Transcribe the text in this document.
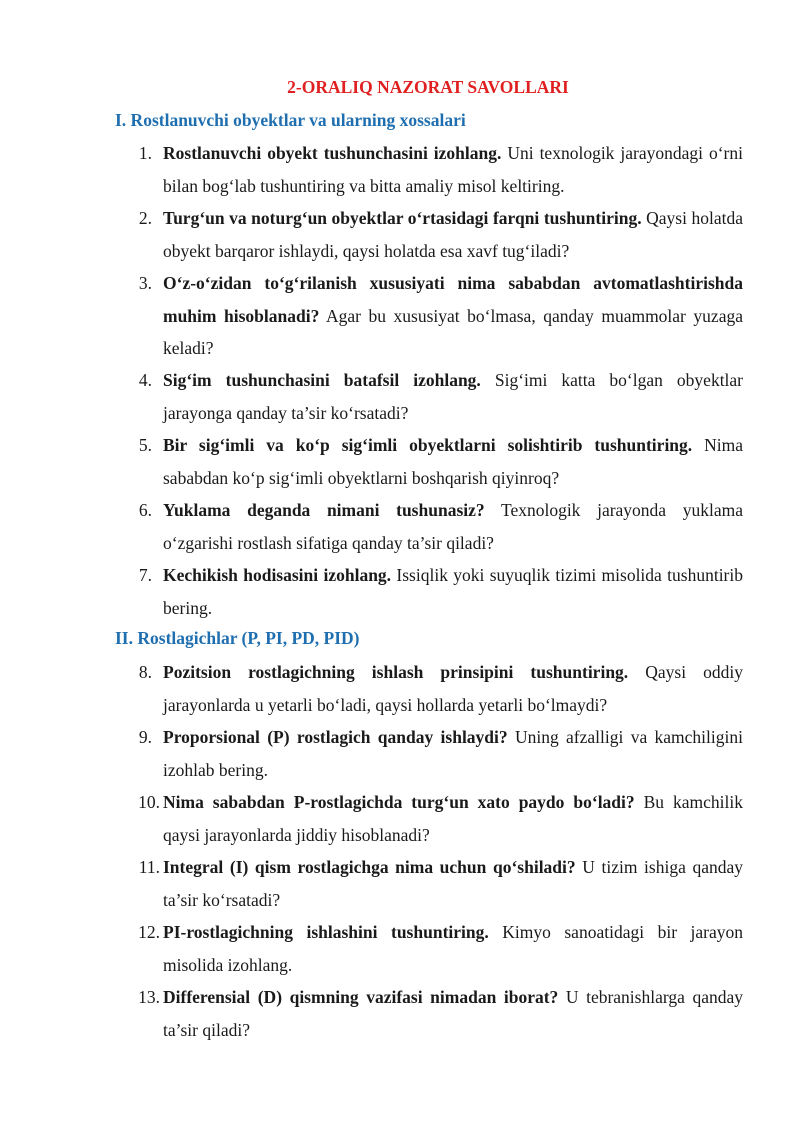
2-ORALIQ NAZORAT SAVOLLARI
I. Rostlanuvchi obyektlar va ularning xossalari
II. Rostlagichlar (P, PI, PD, PID)
1. Rostlanuvchi obyekt tushunchasini izohlang. Uni texnologik jarayondagi o‘rni bilan bog‘lab tushuntiring va bitta amaliy misol keltiring.
2. Turg‘un va noturg‘un obyektlar o‘rtasidagi farqni tushuntiring. Qaysi holatda obyekt barqaror ishlaydi, qaysi holatda esa xavf tug‘iladi?
3. O‘z-o‘zidan to‘g‘rilanish xususiyati nima sababdan avtomatlashtirishda muhim hisoblanadi? Agar bu xususiyat bo‘lmasa, qanday muammolar yuzaga keladi?
4. Sig‘im tushunchasini batafsil izohlang. Sig‘imi katta bo‘lgan obyektlar jarayonga qanday ta’sir ko‘rsatadi?
5. Bir sig‘imli va ko‘p sig‘imli obyektlarni solishtirib tushuntiring. Nima sababdan ko‘p sig‘imli obyektlarni boshqarish qiyinroq?
6. Yuklama deganda nimani tushunasiz? Texnologik jarayonda yuklama o‘zgarishi rostlash sifatiga qanday ta’sir qiladi?
7. Kechikish hodisasini izohlang. Issiqlik yoki suyuqlik tizimi misolida tushuntirib bering.
8. Pozitsion rostlagichning ishlash prinsipini tushuntiring. Qaysi oddiy jarayonlarda u yetarli bo‘ladi, qaysi hollarda yetarli bo‘lmaydi?
9. Proporsional (P) rostlagich qanday ishlaydi? Uning afzalligi va kamchiligini izohlab bering.
10. Nima sababdan P-rostlagichda turg‘un xato paydo bo‘ladi? Bu kamchilik qaysi jarayonlarda jiddiy hisoblanadi?
11. Integral (I) qism rostlagichga nima uchun qo‘shiladi? U tizim ishiga qanday ta’sir ko‘rsatadi?
12. PI-rostlagichning ishlashini tushuntiring. Kimyo sanoatidagi bir jarayon misolida izohlang.
13. Differensial (D) qismning vazifasi nimadan iborat? U tebranishlarga qanday ta’sir qiladi?
